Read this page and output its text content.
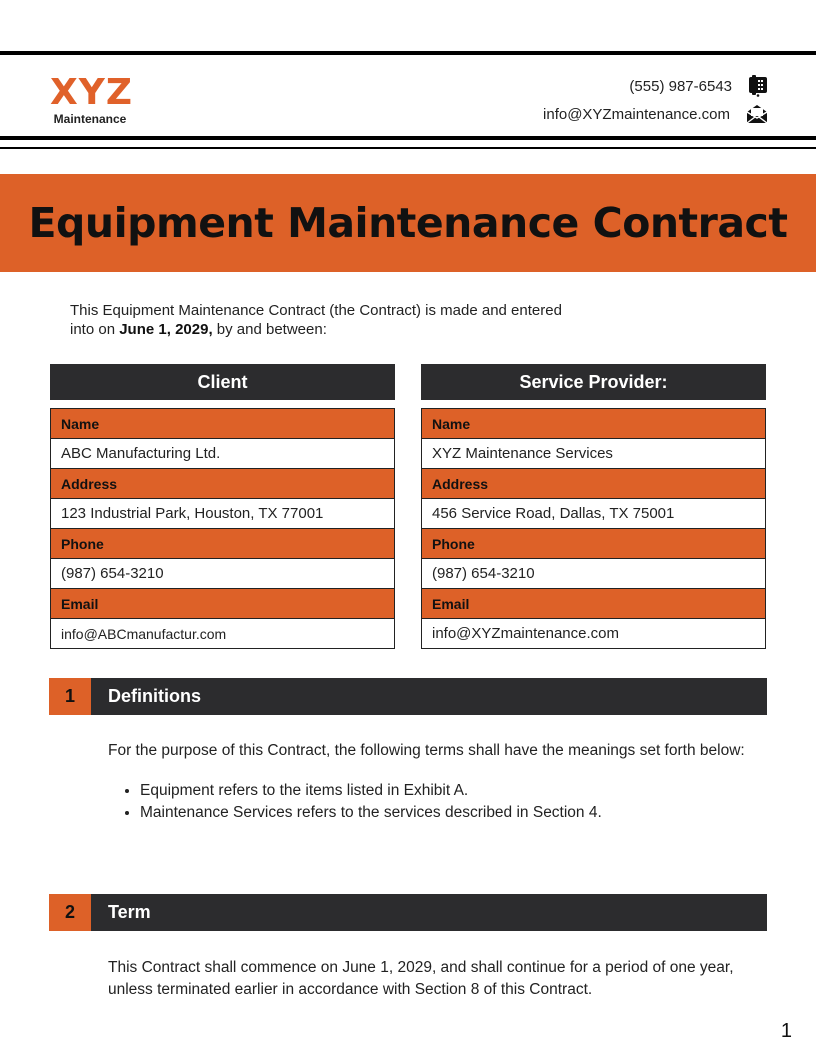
XYZ
Maintenance
(555) 987-6543
info@XYZmaintenance.com
Equipment Maintenance Contract
This Equipment Maintenance Contract (the Contract) is made and entered
into on June 1, 2029, by and between:
Client
Name
ABC Manufacturing Ltd.
Address
123 Industrial Park, Houston, TX 77001
Phone
(987) 654-3210
Email
info@ABCmanufactur.com
Service Provider:
Name
XYZ Maintenance Services
Address
456 Service Road, Dallas, TX 75001
Phone
(987) 654-3210
Email
info@XYZmaintenance.com
1	Definitions

For the purpose of this Contract, the following terms shall have the meanings set forth below:

• Equipment refers to the items listed in Exhibit A.
• Maintenance Services refers to the services described in Section 4.
2	Term

This Contract shall commence on June 1, 2029, and shall continue for a period of one year, unless terminated earlier in accordance with Section 8 of this Contract.

1
